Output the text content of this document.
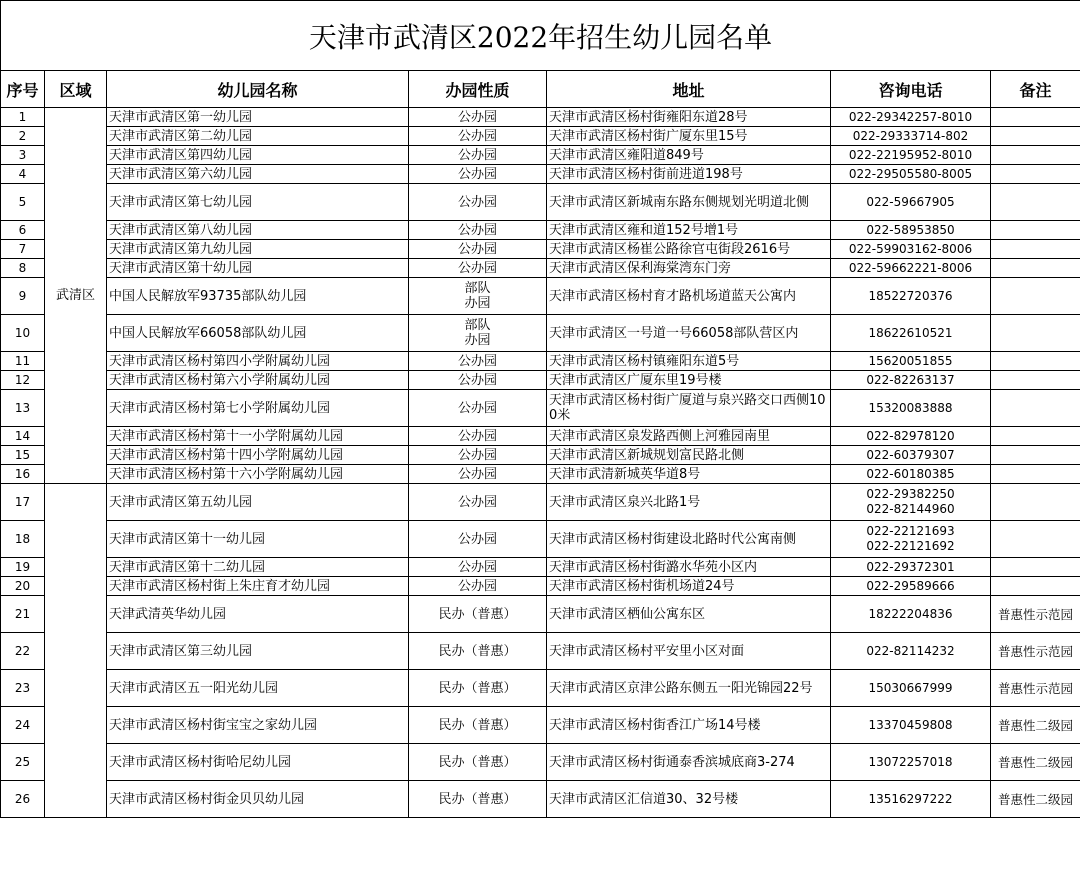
天津市武清区2022年招生幼儿园名单						
序号	区域	幼儿园名称	办园性质	地址	咨询电话	备注
1	武清区	天津市武清区第一幼儿园	公办园	天津市武清区杨村街雍阳东道28号	022-29342257-8010	
2		天津市武清区第二幼儿园	公办园	天津市武清区杨村街广厦东里15号	022-29333714-802	
3		天津市武清区第四幼儿园	公办园	天津市武清区雍阳道849号	022-22195952-8010	
4		天津市武清区第六幼儿园	公办园	天津市武清区杨村街前进道198号	022-29505580-8005	
5		天津市武清区第七幼儿园	公办园	天津市武清区新城南东路东侧规划光明道北侧	022-59667905	
6		天津市武清区第八幼儿园	公办园	天津市武清区雍和道152号增1号	022-58953850	
7		天津市武清区第九幼儿园	公办园	天津市武清区杨崔公路徐官屯街段2616号	022-59903162-8006	
8		天津市武清区第十幼儿园	公办园	天津市武清区保利海棠湾东门旁	022-59662221-8006	
9		中国人民解放军93735部队幼儿园	部队办园	天津市武清区杨村育才路机场道蓝天公寓内	18522720376	
10		中国人民解放军66058部队幼儿园	部队办园	天津市武清区一号道一号66058部队营区内	18622610521	
11		天津市武清区杨村第四小学附属幼儿园	公办园	天津市武清区杨村镇雍阳东道5号	15620051855	
12		天津市武清区杨村第六小学附属幼儿园	公办园	天津市武清区广厦东里19号楼	022-82263137	
13		天津市武清区杨村第七小学附属幼儿园	公办园	天津市武清区杨村街广厦道与泉兴路交口西侧100米	15320083888	
14		天津市武清区杨村第十一小学附属幼儿园	公办园	天津市武清区泉发路西侧上河雅园南里	022-82978120	
15		天津市武清区杨村第十四小学附属幼儿园	公办园	天津市武清区新城规划富民路北侧	022-60379307	
16		天津市武清区杨村第十六小学附属幼儿园	公办园	天津市武清新城英华道8号	022-60180385	
17		天津市武清区第五幼儿园	公办园	天津市武清区泉兴北路1号	022-29382250
022-82144960	

18		天津市武清区第十一幼儿园	公办园	天津市武清区杨村街建设北路时代公寓南侧	022-22121693
022-22121692	

19		天津市武清区第十二幼儿园	公办园	天津市武清区杨村街潞水华苑小区内	022-29372301	
20		天津市武清区杨村街上朱庄育才幼儿园	公办园	天津市武清区杨村街机场道24号	022-29589666	
21		天津武清英华幼儿园	民办（普惠）	天津市武清区栖仙公寓东区	18222204836	普惠性示范园
22		天津市武清区第三幼儿园	民办（普惠）	天津市武清区杨村平安里小区对面	022-82114232	普惠性示范园
23		天津市武清区五一阳光幼儿园	民办（普惠）	天津市武清区京津公路东侧五一阳光锦园22号	15030667999	普惠性示范园
24		天津市武清区杨村街宝宝之家幼儿园	民办（普惠）	天津市武清区杨村街香江广场14号楼	13370459808	普惠性二级园
25		天津市武清区杨村街哈尼幼儿园	民办（普惠）	天津市武清区杨村街通泰香滨城底商3-274	13072257018	普惠性二级园
26		天津市武清区杨村街金贝贝幼儿园	民办（普惠）	天津市武清区汇信道30、32号楼	13516297222	普惠性二级园
